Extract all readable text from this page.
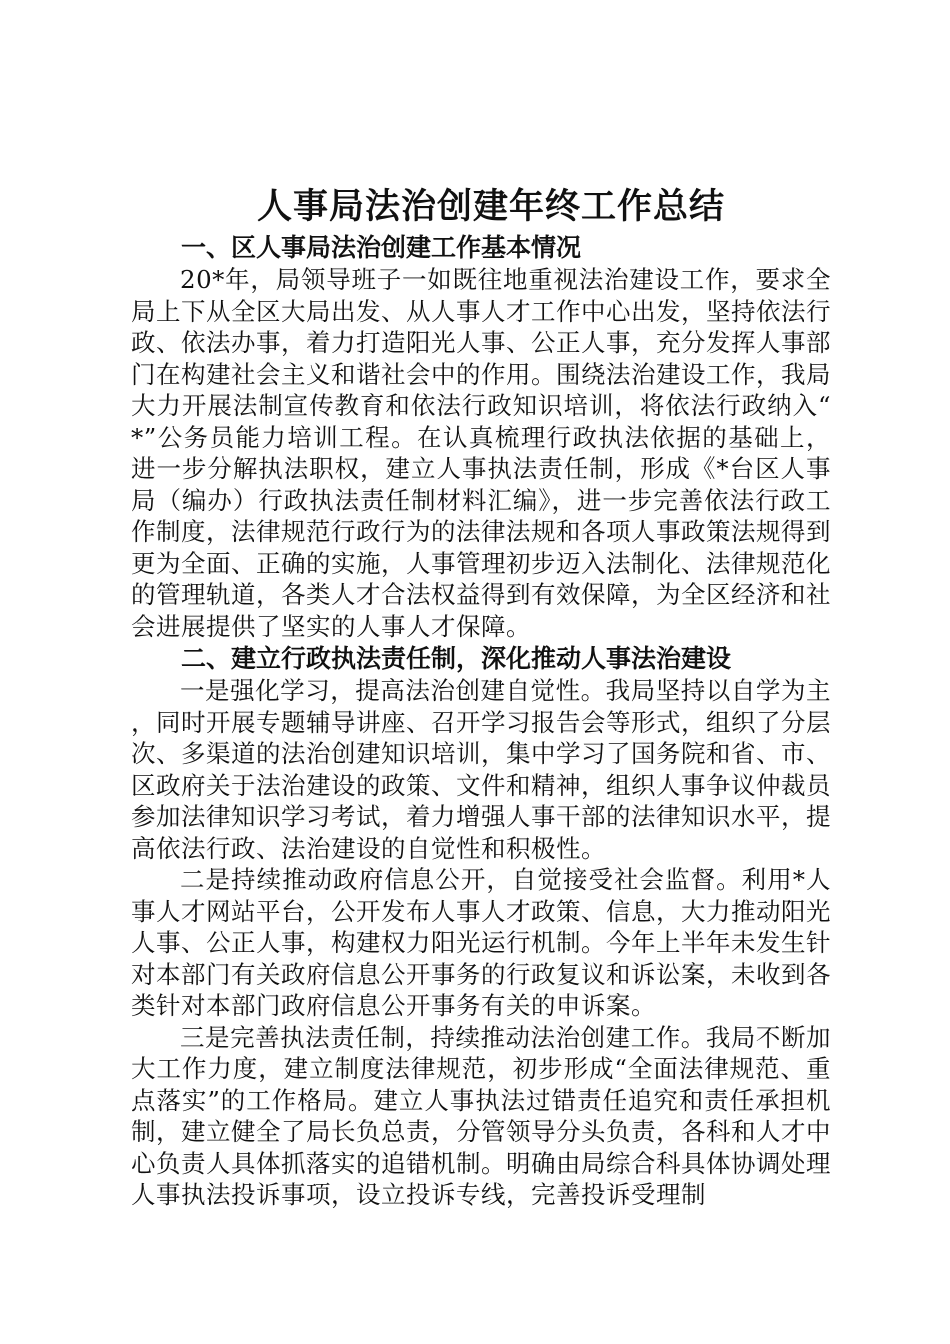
人事局法治创建年终工作总结
一、区人事局法治创建工作基本情况

20*年，局领导班子一如既往地重视法治建设工作，要求全局上下从全区大局出发、从人事人才工作中心出发，坚持依法行政、依法办事，着力打造阳光人事、公正人事，充分发挥人事部门在构建社会主义和谐社会中的作用。围绕法治建设工作，我局大力开展法制宣传教育和依法行政知识培训，将依法行政纳入“*”公务员能力培训工程。在认真梳理行政执法依据的基础上，进一步分解执法职权，建立人事执法责任制，形成《*台区人事局（编办）行政执法责任制材料汇编》，进一步完善依法行政工作制度，法律规范行政行为的法律法规和各项人事政策法规得到更为全面、正确的实施，人事管理初步迈入法制化、法律规范化的管理轨道，各类人才合法权益得到有效保障，为全区经济和社会进展提供了坚实的人事人才保障。

二、建立行政执法责任制，深化推动人事法治建设

一是强化学习，提高法治创建自觉性。我局坚持以自学为主，同时开展专题辅导讲座、召开学习报告会等形式，组织了分层次、多渠道的法治创建知识培训，集中学习了国务院和省、市、区政府关于法治建设的政策、文件和精神，组织人事争议仲裁员参加法律知识学习考试，着力增强人事干部的法律知识水平，提高依法行政、法治建设的自觉性和积极性。

二是持续推动政府信息公开，自觉接受社会监督。利用*人事人才网站平台，公开发布人事人才政策、信息，大力推动阳光人事、公正人事，构建权力阳光运行机制。今年上半年未发生针对本部门有关政府信息公开事务的行政复议和诉讼案，未收到各类针对本部门政府信息公开事务有关的申诉案。

三是完善执法责任制，持续推动法治创建工作。我局不断加大工作力度，建立制度法律规范，初步形成“全面法律规范、重点落实”的工作格局。建立人事执法过错责任追究和责任承担机制，建立健全了局长负总责，分管领导分头负责，各科和人才中心负责人具体抓落实的追错机制。明确由局综合科具体协调处理人事执法投诉事项，设立投诉专线，完善投诉受理制
